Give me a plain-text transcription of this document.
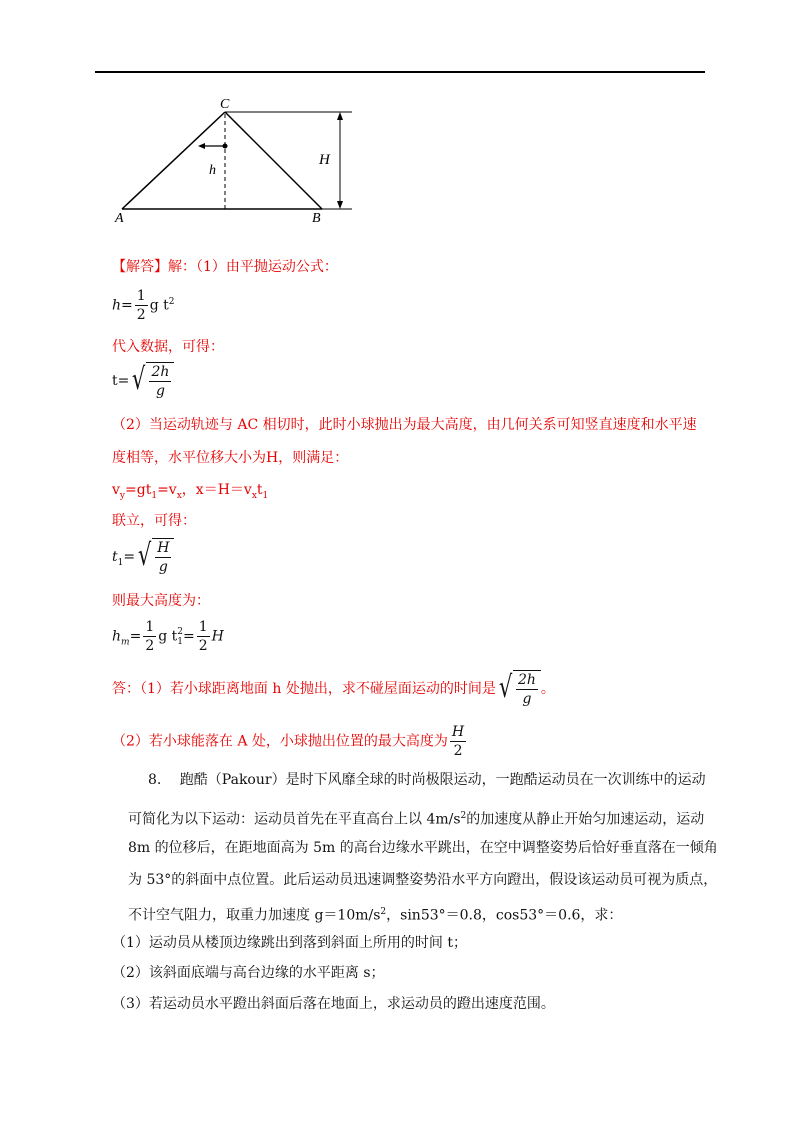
C
H
h
A	B
【解答】解：（1）由平抛运动公式：
$h= \frac{1}{2}$ g $t^2$
代入数据，可得：
t= √ $\frac{2h}{g}$
（2）当运动轨迹与 AC 相切时，此时小球抛出为最大高度，由几何关系可知竖直速度和水平速
度相等，水平位移大小为H，则满足：
$v_y=gt_1=v_x$，$x=H=v_xt_1$
联立，可得：
$t_1=$ √ $\frac{H}{g}$
则最大高度为：
$h_m= \frac{1}{2}$ g t 2
$1 = \frac{1}{2}$ H
答：（1）若小球距离地面 h 处抛出，求不碰屋面运动的时间是 √ $\frac{2h}{g}$ 。
（2）若小球能落在 A 处，小球抛出位置的最大高度为 $\frac{H}{2}$
8.　 跑酷（Pakour）是时下风靡全球的时尚极限运动，一跑酷运动员在一次训练中的运动
可简化为以下运动：运动员首先在平直高台上以 $4m/s^2$的加速度从静止开始匀加速运动，运动
8m 的位移后，在距地面高为 5m 的高台边缘水平跳出，在空中调整姿势后恰好垂直落在一倾角
为 53°的斜面中点位置。此后运动员迅速调整姿势沿水平方向蹬出，假设该运动员可视为质点，
不计空气阻力，取重力加速度 $g=10m/s^2$，sin53°＝0.8，cos53°＝0.6，求：
（1）运动员从楼顶边缘跳出到落到斜面上所用的时间 t；
（2）该斜面底端与高台边缘的水平距离 s；
（3）若运动员水平蹬出斜面后落在地面上，求运动员的蹬出速度范围。
